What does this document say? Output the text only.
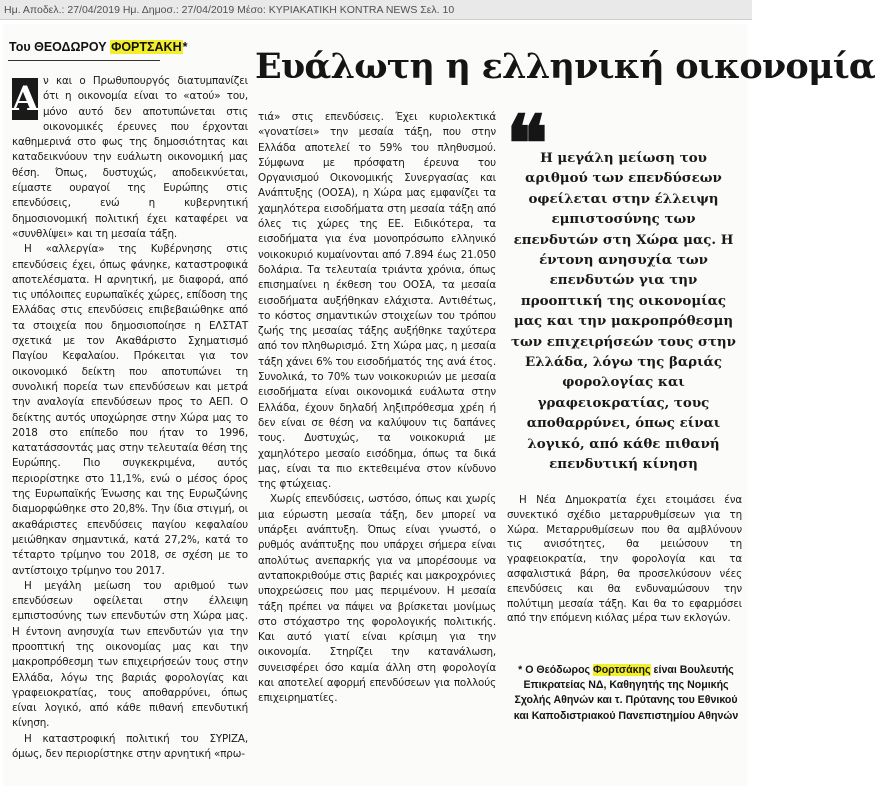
Ημ. Αποδελ.: 27/04/2019 Ημ. Δημοσ.: 27/04/2019 Μέσο: ΚΥΡΙΑΚΑΤΙΚΗ KONTRA NEWS Σελ. 10
Του ΘΕΟΔΩΡΟΥ ΦΟΡΤΣΑΚΗ* Ευάλωτη η ελληνική οικονομία

Α ν και ο Πρωθυπουργός διατυμπανίζει ότι η οικονομία είναι το «ατού» του, μόνο αυτό δεν αποτυπώνεται στις οικονομικές έρευνες που έρχονται καθημερινά στο φως της δημοσιότητας και καταδεικνύουν την ευάλωτη οικονομική μας θέση. Όπως, δυστυχώς, αποδεικνύεται, είμαστε ουραγοί της Ευρώπης στις επενδύσεις, ενώ η κυβερνητική δημοσιονομική πολιτική έχει καταφέρει να «συνθλίψει» και τη μεσαία τάξη.

Η «αλλεργία» της Κυβέρνησης στις επενδύσεις έχει, όπως φάνηκε, καταστροφικά αποτελέσματα. Η αρνητική, με διαφορά, από τις υπόλοιπες ευρωπαϊκές χώρες, επίδοση της Ελλάδας στις επενδύσεις επιβεβαιώθηκε από τα στοιχεία που δημοσιοποίησε η ΕΛΣΤΑΤ σχετικά με τον Ακαθάριστο Σχηματισμό Παγίου Κεφαλαίου. Πρόκειται για τον οικονομικό δείκτη που αποτυπώνει τη συνολική πορεία των επενδύσεων και μετρά την αναλογία επενδύσεων προς το ΑΕΠ. Ο δείκτης αυτός υποχώρησε στην Χώρα μας το 2018 στο επίπεδο που ήταν το 1996, κατατάσσοντάς μας στην τελευταία θέση της Ευρώπης. Πιο συγκεκριμένα, αυτός περιορίστηκε στο 11,1%, ενώ ο μέσος όρος της Ευρωπαϊκής Ένωσης και της Ευρωζώνης διαμορφώθηκε στο 20,8%. Την ίδια στιγμή, οι ακαθάριστες επενδύσεις παγίου κεφαλαίου μειώθηκαν σημαντικά, κατά 27,2%, κατά το τέταρτο τρίμηνο του 2018, σε σχέση με το αντίστοιχο τρίμηνο του 2017.

Η μεγάλη μείωση του αριθμού των επενδύσεων οφείλεται στην έλλειψη εμπιστοσύνης των επενδυτών στη Χώρα μας. Η έντονη ανησυχία των επενδυτών για την προοπτική της οικονομίας μας και την μακροπρόθεσμη των επιχειρήσεών τους στην Ελλάδα, λόγω της βαριάς φορολογίας και γραφειοκρατίας, τους αποθαρρύνει, όπως είναι λογικό, από κάθε πιθανή επενδυτική κίνηση.

Η καταστροφική πολιτική του ΣΥΡΙΖΑ, όμως, δεν περιορίστηκε στην αρνητική «πρω-

τιά» στις επενδύσεις. Έχει κυριολεκτικά «γονατίσει» την μεσαία τάξη, που στην Ελλάδα αποτελεί το 59% του πληθυσμού. Σύμφωνα με πρόσφατη έρευνα του Οργανισμού Οικονομικής Συνεργασίας και Ανάπτυξης (ΟΟΣΑ), η Χώρα μας εμφανίζει τα χαμηλότερα εισοδήματα στη μεσαία τάξη από όλες τις χώρες της ΕΕ. Ειδικότερα, τα εισοδήματα για ένα μονοπρόσωπο ελληνικό νοικοκυριό κυμαίνονται από 7.894 έως 21.050 δολάρια. Τα τελευταία τριάντα χρόνια, όπως επισημαίνει η έκθεση του ΟΟΣΑ, τα μεσαία εισοδήματα αυξήθηκαν ελάχιστα. Αντιθέτως, το κόστος σημαντικών στοιχείων του τρόπου ζωής της μεσαίας τάξης αυξήθηκε ταχύτερα από τον πληθωρισμό. Στη Χώρα μας, η μεσαία τάξη χάνει 6% του εισοδήματός της ανά έτος. Συνολικά, το 70% των νοικοκυριών με μεσαία εισοδήματα είναι οικονομικά ευάλωτα στην Ελλάδα, έχουν δηλαδή ληξιπρόθεσμα χρέη ή δεν είναι σε θέση να καλύψουν τις δαπάνες τους. Δυστυχώς, τα νοικοκυριά με χαμηλότερο μεσαίο εισόδημα, όπως τα δικά μας, είναι τα πιο εκτεθειμένα στον κίνδυνο της φτώχειας.

Χωρίς επενδύσεις, ωστόσο, όπως και χωρίς μια εύρωστη μεσαία τάξη, δεν μπορεί να υπάρξει ανάπτυξη. Όπως είναι γνωστό, ο ρυθμός ανάπτυξης που υπάρχει σήμερα είναι απολύτως ανεπαρκής για να μπορέσουμε να ανταποκριθούμε στις βαριές και μακροχρόνιες υποχρεώσεις που μας περιμένουν. Η μεσαία τάξη πρέπει να πάψει να βρίσκεται μονίμως στο στόχαστρο της φορολογικής πολιτικής. Και αυτό γιατί είναι κρίσιμη για την οικονομία. Στηρίζει την κατανάλωση, συνεισφέρει όσο καμία άλλη στη φορολογία και αποτελεί αφορμή επενδύσεων για πολλούς επιχειρηματίες.

❝
Η μεγάλη μείωση του αριθμού των επενδύσεων οφείλεται στην έλλειψη εμπιστοσύνης των επενδυτών στη Χώρα μας. Η έντονη ανησυχία των επενδυτών για την προοπτική της οικονομίας μας και την μακροπρόθεσμη των επιχειρήσεών τους στην Ελλάδα, λόγω της βαριάς φορολογίας και γραφειοκρατίας, τους αποθαρρύνει, όπως είναι λογικό, από κάθε πιθανή επενδυτική κίνηση

Η Νέα Δημοκρατία έχει ετοιμάσει ένα συνεκτικό σχέδιο μεταρρυθμίσεων για τη Χώρα. Μεταρρυθμίσεων που θα αμβλύνουν τις ανισότητες, θα μειώσουν τη γραφειοκρατία, την φορολογία και τα ασφαλιστικά βάρη, θα προσελκύσουν νέες επενδύσεις και θα ενδυναμώσουν την πολύτιμη μεσαία τάξη. Και θα το εφαρμόσει από την επόμενη κιόλας μέρα των εκλογών.

* Ο Θεόδωρος Φορτσάκης είναι Βουλευτής Επικρατείας ΝΔ, Καθηγητής της Νομικής Σχολής Αθηνών και τ. Πρύτανης του Εθνικού και Καποδιστριακού Πανεπιστημίου Αθηνών
